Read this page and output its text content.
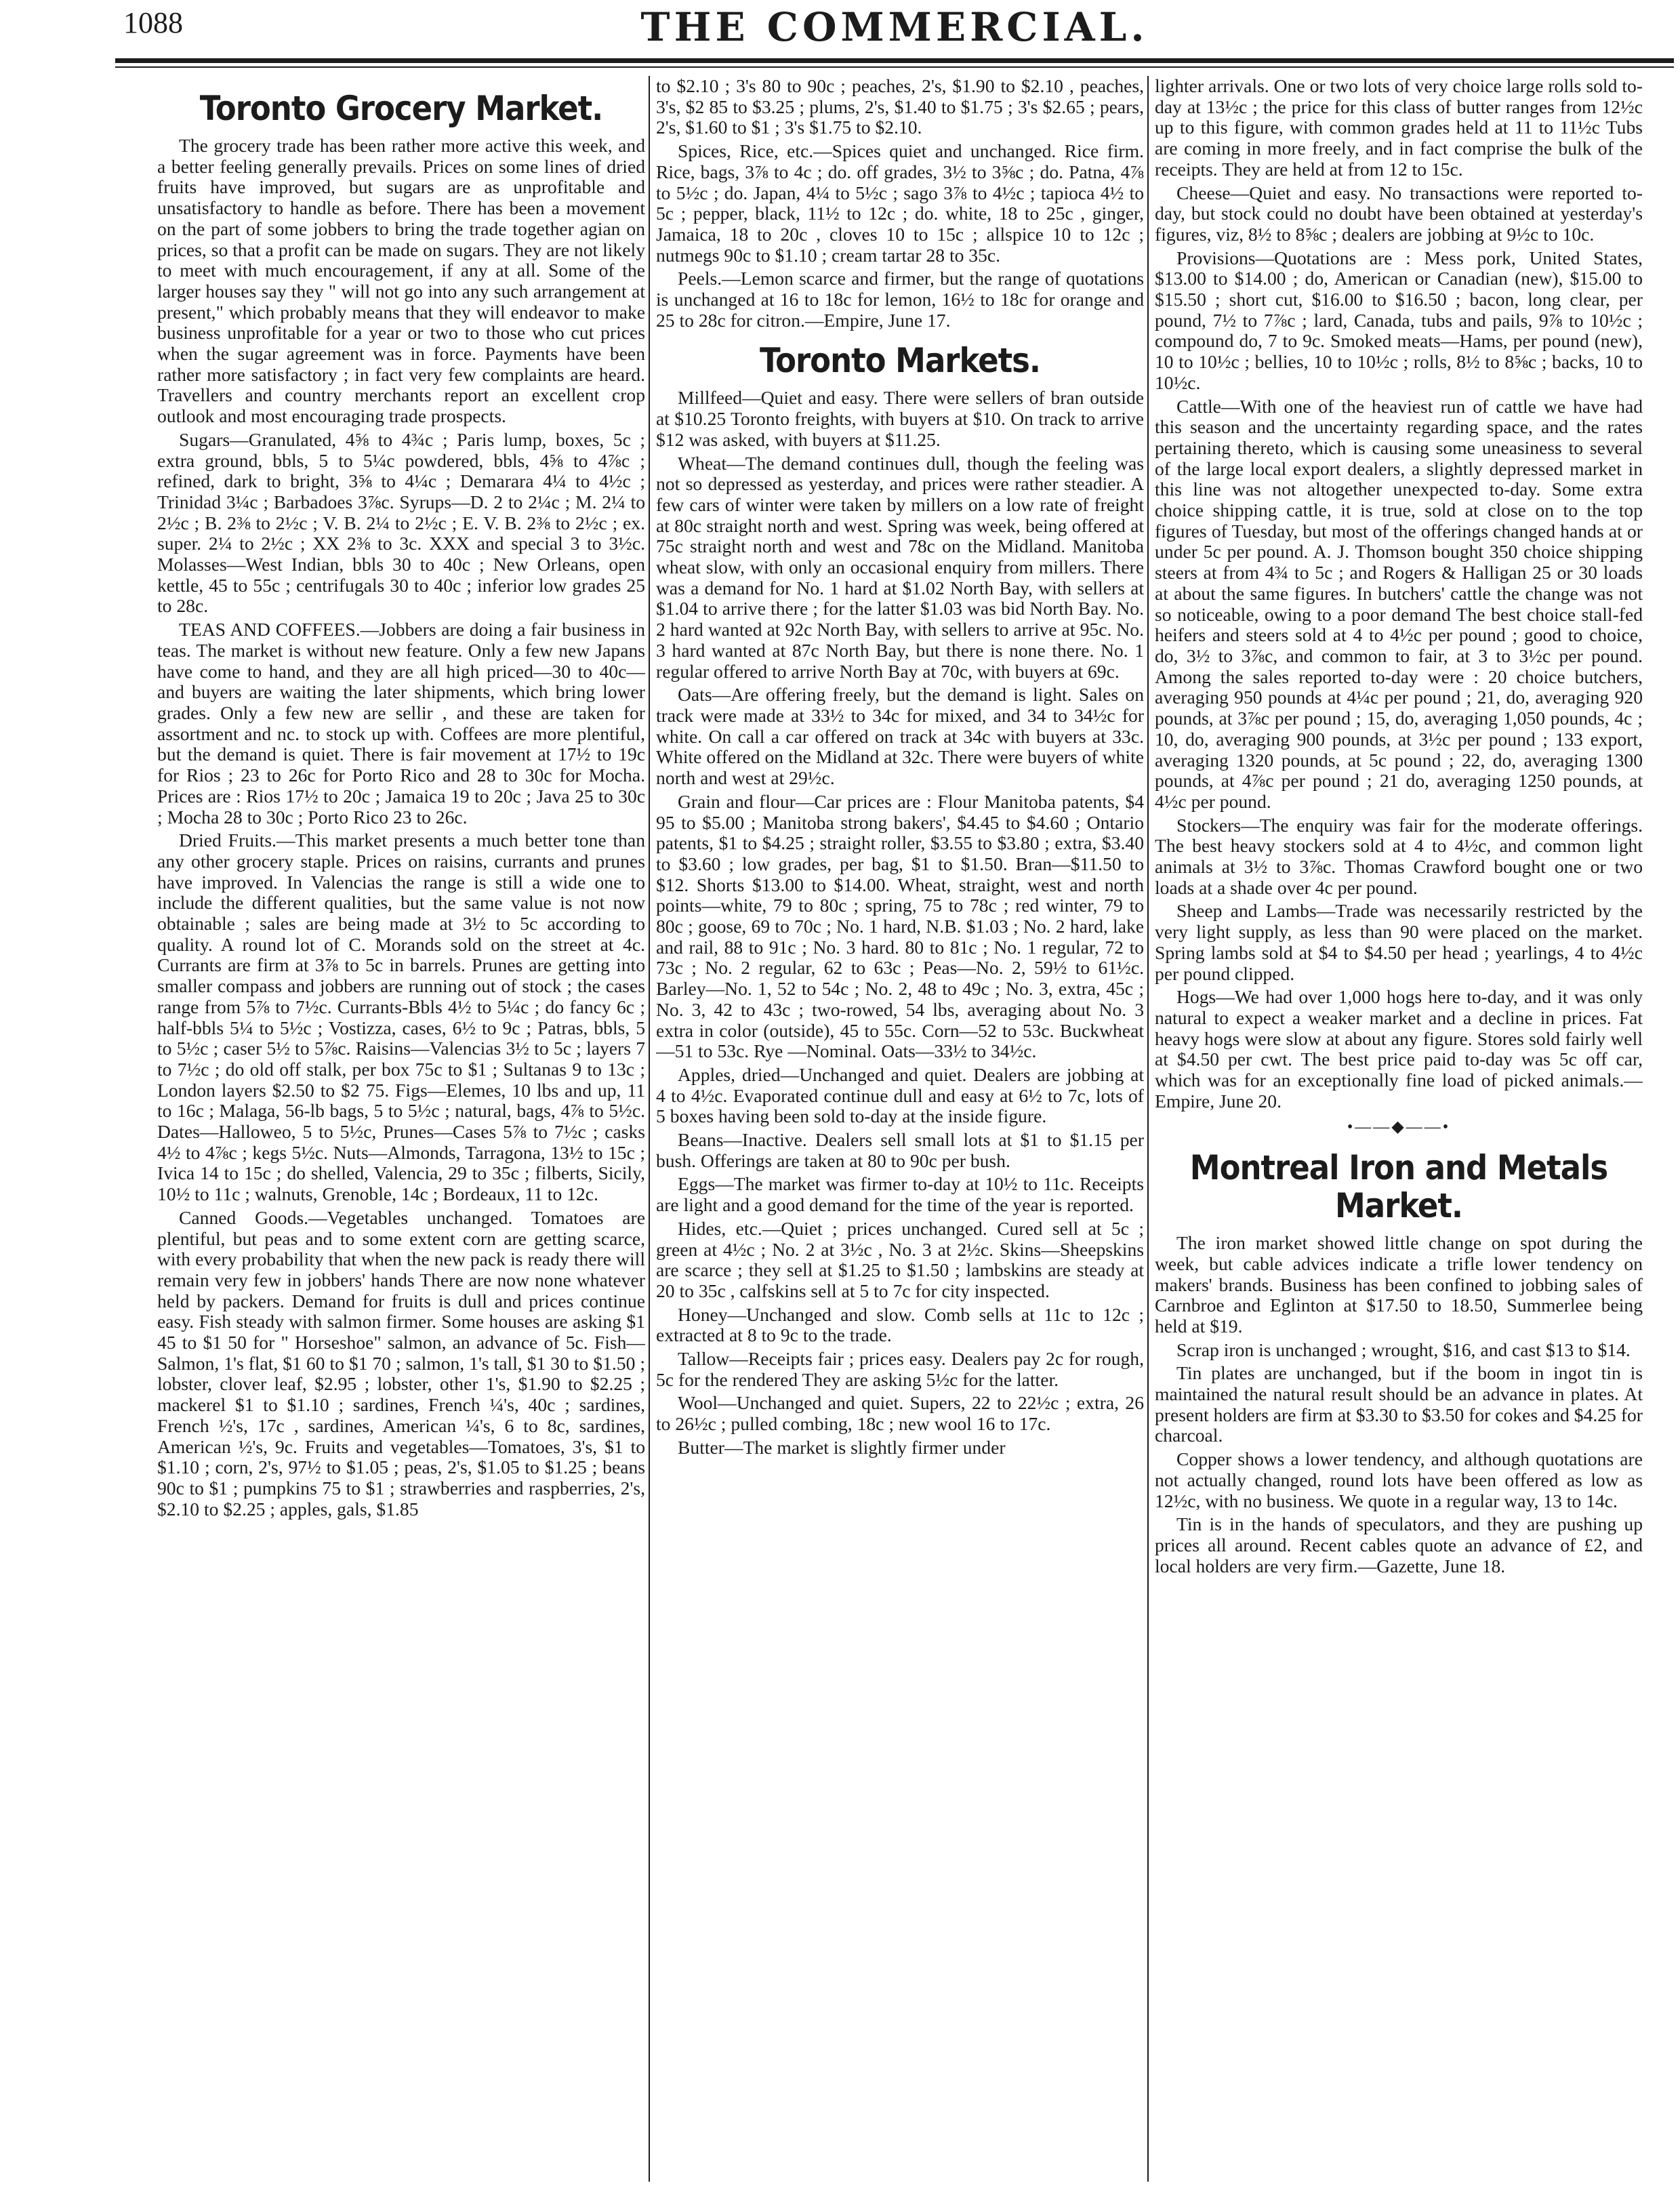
1088	THE COMMERCIAL.
Toronto Grocery Market.

The grocery trade has been rather more active this week, and a better feeling generally prevails. Prices on some lines of dried fruits have improved, but sugars are as unprofitable and unsatisfactory to handle as before. There has been a movement on the part of some jobbers to bring the trade together agian on prices, so that a profit can be made on sugars. They are not likely to meet with much encouragement, if any at all. Some of the larger houses say they " will not go into any such arrangement at present," which probably means that they will endeavor to make business unprofitable for a year or two to those who cut prices when the sugar agreement was in force. Payments have been rather more satisfactory ; in fact very few complaints are heard. Travellers and country merchants report an excellent crop outlook and most encouraging trade prospects.

Sugars—Granulated, 4⅝ to 4¾c ; Paris lump, boxes, 5c ; extra ground, bbls, 5 to 5¼c powdered, bbls, 4⅝ to 4⅞c ; refined, dark to bright, 3⅝ to 4¼c ; Demarara 4¼ to 4½c ; Trinidad 3¼c ; Barbadoes 3⅞c. Syrups—D. 2 to 2¼c ; M. 2¼ to 2½c ; B. 2⅜ to 2½c ; V. B. 2¼ to 2½c ; E. V. B. 2⅜ to 2½c ; ex. super. 2¼ to 2½c ; XX 2⅜ to 3c. XXX and special 3 to 3½c. Molasses—West Indian, bbls 30 to 40c ; New Orleans, open kettle, 45 to 55c ; centrifugals 30 to 40c ; inferior low grades 25 to 28c.

TEAS AND COFFEES.—Jobbers are doing a fair business in teas. The market is without new feature. Only a few new Japans have come to hand, and they are all high priced—30 to 40c—and buyers are waiting the later shipments, which bring lower grades. Only a few new are sellir , and these are taken for assortment and nc. to stock up with. Coffees are more plentiful, but the demand is quiet. There is fair movement at 17½ to 19c for Rios ; 23 to 26c for Porto Rico and 28 to 30c for Mocha. Prices are : Rios 17½ to 20c ; Jamaica 19 to 20c ; Java 25 to 30c ; Mocha 28 to 30c ; Porto Rico 23 to 26c.

Dried Fruits.—This market presents a much better tone than any other grocery staple. Prices on raisins, currants and prunes have improved. In Valencias the range is still a wide one to include the different qualities, but the same value is not now obtainable ; sales are being made at 3½ to 5c according to quality. A round lot of C. Morands sold on the street at 4c. Currants are firm at 3⅞ to 5c in barrels. Prunes are getting into smaller compass and jobbers are running out of stock ; the cases range from 5⅞ to 7½c. Currants-Bbls 4½ to 5¼c ; do fancy 6c ; half-bbls 5¼ to 5½c ; Vostizza, cases, 6½ to 9c ; Patras, bbls, 5 to 5½c ; caser 5½ to 5⅞c. Raisins—Valencias 3½ to 5c ; layers 7 to 7½c ; do old off stalk, per box 75c to $1 ; Sultanas 9 to 13c ; London layers $2.50 to $2 75. Figs—Elemes, 10 lbs and up, 11 to 16c ; Malaga, 56-lb bags, 5 to 5½c ; natural, bags, 4⅞ to 5½c. Dates—Halloweo, 5 to 5½c, Prunes—Cases 5⅞ to 7½c ; casks 4½ to 4⅞c ; kegs 5½c. Nuts—Almonds, Tarragona, 13½ to 15c ; Ivica 14 to 15c ; do shelled, Valencia, 29 to 35c ; filberts, Sicily, 10½ to 11c ; walnuts, Grenoble, 14c ; Bordeaux, 11 to 12c.

Canned Goods.—Vegetables unchanged. Tomatoes are plentiful, but peas and to some extent corn are getting scarce, with every probability that when the new pack is ready there will remain very few in jobbers' hands There are now none whatever held by packers. Demand for fruits is dull and prices continue easy. Fish steady with salmon firmer. Some houses are asking $1 45 to $1 50 for " Horseshoe" salmon, an advance of 5c. Fish—Salmon, 1's flat, $1 60 to $1 70 ; salmon, 1's tall, $1 30 to $1.50 ; lobster, clover leaf, $2.95 ; lobster, other 1's, $1.90 to $2.25 ; mackerel $1 to $1.10 ; sardines, French ¼'s, 40c ; sardines, French ½'s, 17c , sardines, American ¼'s, 6 to 8c, sardines, American ½'s, 9c. Fruits and vegetables—Tomatoes, 3's, $1 to $1.10 ; corn, 2's, 97½ to $1.05 ; peas, 2's, $1.05 to $1.25 ; beans 90c to $1 ; pumpkins 75 to $1 ; strawberries and raspberries, 2's, $2.10 to $2.25 ; apples, gals, $1.85

to $2.10 ; 3's 80 to 90c ; peaches, 2's, $1.90 to $2.10 , peaches, 3's, $2 85 to $3.25 ; plums, 2's, $1.40 to $1.75 ; 3's $2.65 ; pears, 2's, $1.60 to $1 ; 3's $1.75 to $2.10.

Spices, Rice, etc.—Spices quiet and unchanged. Rice firm. Rice, bags, 3⅞ to 4c ; do. off grades, 3½ to 3⅝c ; do. Patna, 4⅞ to 5½c ; do. Japan, 4¼ to 5½c ; sago 3⅞ to 4½c ; tapioca 4½ to 5c ; pepper, black, 11½ to 12c ; do. white, 18 to 25c , ginger, Jamaica, 18 to 20c , cloves 10 to 15c ; allspice 10 to 12c ; nutmegs 90c to $1.10 ; cream tartar 28 to 35c.

Peels.—Lemon scarce and firmer, but the range of quotations is unchanged at 16 to 18c for lemon, 16½ to 18c for orange and 25 to 28c for citron.—Empire, June 17.

Toronto Markets.

Millfeed—Quiet and easy. There were sellers of bran outside at $10.25 Toronto freights, with buyers at $10. On track to arrive $12 was asked, with buyers at $11.25.

Wheat—The demand continues dull, though the feeling was not so depressed as yesterday, and prices were rather steadier. A few cars of winter were taken by millers on a low rate of freight at 80c straight north and west. Spring was week, being offered at 75c straight north and west and 78c on the Midland. Manitoba wheat slow, with only an occasional enquiry from millers. There was a demand for No. 1 hard at $1.02 North Bay, with sellers at $1.04 to arrive there ; for the latter $1.03 was bid North Bay. No. 2 hard wanted at 92c North Bay, with sellers to arrive at 95c. No. 3 hard wanted at 87c North Bay, but there is none there. No. 1 regular offered to arrive North Bay at 70c, with buyers at 69c.

Oats—Are offering freely, but the demand is light. Sales on track were made at 33½ to 34c for mixed, and 34 to 34½c for white. On call a car offered on track at 34c with buyers at 33c. White offered on the Midland at 32c. There were buyers of white north and west at 29½c.

Grain and flour—Car prices are : Flour Manitoba patents, $4 95 to $5.00 ; Manitoba strong bakers', $4.45 to $4.60 ; Ontario patents, $1 to $4.25 ; straight roller, $3.55 to $3.80 ; extra, $3.40 to $3.60 ; low grades, per bag, $1 to $1.50. Bran—$11.50 to $12. Shorts $13.00 to $14.00. Wheat, straight, west and north points—white, 79 to 80c ; spring, 75 to 78c ; red winter, 79 to 80c ; goose, 69 to 70c ; No. 1 hard, N.B. $1.03 ; No. 2 hard, lake and rail, 88 to 91c ; No. 3 hard. 80 to 81c ; No. 1 regular, 72 to 73c ; No. 2 regular, 62 to 63c ; Peas—No. 2, 59½ to 61½c. Barley—No. 1, 52 to 54c ; No. 2, 48 to 49c ; No. 3, extra, 45c ; No. 3, 42 to 43c ; two-rowed, 54 lbs, averaging about No. 3 extra in color (outside), 45 to 55c. Corn—52 to 53c. Buckwheat—51 to 53c. Rye —Nominal. Oats—33½ to 34½c.

Apples, dried—Unchanged and quiet. Dealers are jobbing at 4 to 4½c. Evaporated continue dull and easy at 6½ to 7c, lots of 5 boxes having been sold to-day at the inside figure.

Beans—Inactive. Dealers sell small lots at $1 to $1.15 per bush. Offerings are taken at 80 to 90c per bush.

Eggs—The market was firmer to-day at 10½ to 11c. Receipts are light and a good demand for the time of the year is reported.

Hides, etc.—Quiet ; prices unchanged. Cured sell at 5c ; green at 4½c ; No. 2 at 3½c , No. 3 at 2½c. Skins—Sheepskins are scarce ; they sell at $1.25 to $1.50 ; lambskins are steady at 20 to 35c , calfskins sell at 5 to 7c for city inspected.

Honey—Unchanged and slow. Comb sells at 11c to 12c ; extracted at 8 to 9c to the trade.

Tallow—Receipts fair ; prices easy. Dealers pay 2c for rough, 5c for the rendered They are asking 5½c for the latter.

Wool—Unchanged and quiet. Supers, 22 to 22½c ; extra, 26 to 26½c ; pulled combing, 18c ; new wool 16 to 17c.

Butter—The market is slightly firmer under

lighter arrivals. One or two lots of very choice large rolls sold to-day at 13½c ; the price for this class of butter ranges from 12½c up to this figure, with common grades held at 11 to 11½c Tubs are coming in more freely, and in fact comprise the bulk of the receipts. They are held at from 12 to 15c.

Cheese—Quiet and easy. No transactions were reported to-day, but stock could no doubt have been obtained at yesterday's figures, viz, 8½ to 8⅝c ; dealers are jobbing at 9½c to 10c.

Provisions—Quotations are : Mess pork, United States, $13.00 to $14.00 ; do, American or Canadian (new), $15.00 to $15.50 ; short cut, $16.00 to $16.50 ; bacon, long clear, per pound, 7½ to 7⅞c ; lard, Canada, tubs and pails, 9⅞ to 10½c ; compound do, 7 to 9c. Smoked meats—Hams, per pound (new), 10 to 10½c ; bellies, 10 to 10½c ; rolls, 8½ to 8⅝c ; backs, 10 to 10½c.

Cattle—With one of the heaviest run of cattle we have had this season and the uncertainty regarding space, and the rates pertaining thereto, which is causing some uneasiness to several of the large local export dealers, a slightly depressed market in this line was not altogether unexpected to-day. Some extra choice shipping cattle, it is true, sold at close on to the top figures of Tuesday, but most of the offerings changed hands at or under 5c per pound. A. J. Thomson bought 350 choice shipping steers at from 4¾ to 5c ; and Rogers & Halligan 25 or 30 loads at about the same figures. In butchers' cattle the change was not so noticeable, owing to a poor demand The best choice stall-fed heifers and steers sold at 4 to 4½c per pound ; good to choice, do, 3½ to 3⅞c, and common to fair, at 3 to 3½c per pound. Among the sales reported to-day were : 20 choice butchers, averaging 950 pounds at 4¼c per pound ; 21, do, averaging 920 pounds, at 3⅞c per pound ; 15, do, averaging 1,050 pounds, 4c ; 10, do, averaging 900 pounds, at 3½c per pound ; 133 export, averaging 1320 pounds, at 5c pound ; 22, do, averaging 1300 pounds, at 4⅞c per pound ; 21 do, averaging 1250 pounds, at 4½c per pound.

Stockers—The enquiry was fair for the moderate offerings. The best heavy stockers sold at 4 to 4½c, and common light animals at 3½ to 3⅞c. Thomas Crawford bought one or two loads at a shade over 4c per pound.

Sheep and Lambs—Trade was necessarily restricted by the very light supply, as less than 90 were placed on the market. Spring lambs sold at $4 to $4.50 per head ; yearlings, 4 to 4½c per pound clipped.

Hogs—We had over 1,000 hogs here to-day, and it was only natural to expect a weaker market and a decline in prices. Fat heavy hogs were slow at about any figure. Stores sold fairly well at $4.50 per cwt. The best price paid to-day was 5c off car, which was for an exceptionally fine load of picked animals.—Empire, June 20.

•——◆——•
Montreal Iron and Metals Market.

The iron market showed little change on spot during the week, but cable advices indicate a trifle lower tendency on makers' brands. Business has been confined to jobbing sales of Carnbroe and Eglinton at $17.50 to 18.50, Summerlee being held at $19.

Scrap iron is unchanged ; wrought, $16, and cast $13 to $14.

Tin plates are unchanged, but if the boom in ingot tin is maintained the natural result should be an advance in plates. At present holders are firm at $3.30 to $3.50 for cokes and $4.25 for charcoal.

Copper shows a lower tendency, and although quotations are not actually changed, round lots have been offered as low as 12½c, with no business. We quote in a regular way, 13 to 14c.

Tin is in the hands of speculators, and they are pushing up prices all around. Recent cables quote an advance of £2, and local holders are very firm.—Gazette, June 18.
